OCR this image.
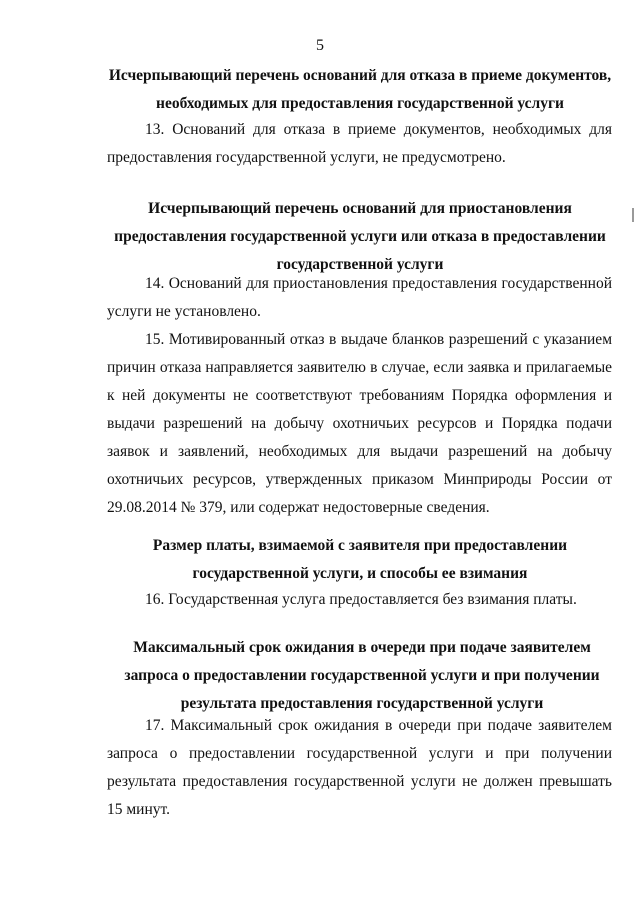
5
Исчерпывающий перечень оснований для отказа в приеме документов, необходимых для предоставления государственной услуги
13. Оснований для отказа в приеме документов, необходимых для предоставления государственной услуги, не предусмотрено.
Исчерпывающий перечень оснований для приостановления предоставления государственной услуги или отказа в предоставлении государственной услуги
14. Оснований для приостановления предоставления государственной услуги не установлено.
15. Мотивированный отказ в выдаче бланков разрешений с указанием причин отказа направляется заявителю в случае, если заявка и прилагаемые к ней документы не соответствуют требованиям Порядка оформления и выдачи разрешений на добычу охотничьих ресурсов и Порядка подачи заявок и заявлений, необходимых для выдачи разрешений на добычу охотничьих ресурсов, утвержденных приказом Минприроды России от 29.08.2014 № 379, или содержат недостоверные сведения.
Размер платы, взимаемой с заявителя при предоставлении государственной услуги, и способы ее взимания
16. Государственная услуга предоставляется без взимания платы.
Максимальный срок ожидания в очереди при подаче заявителем запроса о предоставлении государственной услуги и при получении результата предоставления государственной услуги
17. Максимальный срок ожидания в очереди при подаче заявителем запроса о предоставлении государственной услуги и при получении результата предоставления государственной услуги не должен превышать 15 минут.
